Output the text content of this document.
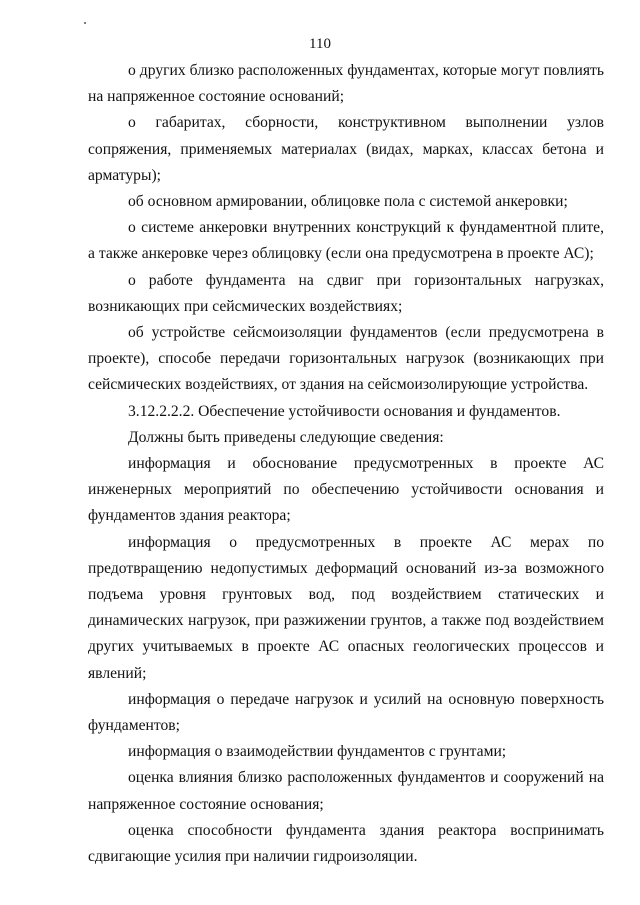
110

о других близко расположенных фундаментах, которые могут повлиять на напряженное состояние оснований;

о габаритах, сборности, конструктивном выполнении узлов сопряжения, применяемых материалах (видах, марках, классах бетона и арматуры);

об основном армировании, облицовке пола с системой анкеровки;

о системе анкеровки внутренних конструкций к фундаментной плите, а также анкеровке через облицовку (если она предусмотрена в проекте АС);

о работе фундамента на сдвиг при горизонтальных нагрузках, возникающих при сейсмических воздействиях;

об устройстве сейсмоизоляции фундаментов (если предусмотрена в проекте), способе передачи горизонтальных нагрузок (возникающих при сейсмических воздействиях, от здания на сейсмоизолирующие устройства.

3.12.2.2.2. Обеспечение устойчивости основания и фундаментов.

Должны быть приведены следующие сведения:

информация и обоснование предусмотренных в проекте АС инженерных мероприятий по обеспечению устойчивости основания и фундаментов здания реактора;

информация о предусмотренных в проекте АС мерах по предотвращению недопустимых деформаций оснований из-за возможного подъема уровня грунтовых вод, под воздействием статических и динамических нагрузок, при разжижении грунтов, а также под воздействием других учитываемых в проекте АС опасных геологических процессов и явлений;

информация о передаче нагрузок и усилий на основную поверхность фундаментов;

информация о взаимодействии фундаментов с грунтами;

оценка влияния близко расположенных фундаментов и сооружений на напряженное состояние основания;

оценка способности фундамента здания реактора воспринимать сдвигающие усилия при наличии гидроизоляции.
